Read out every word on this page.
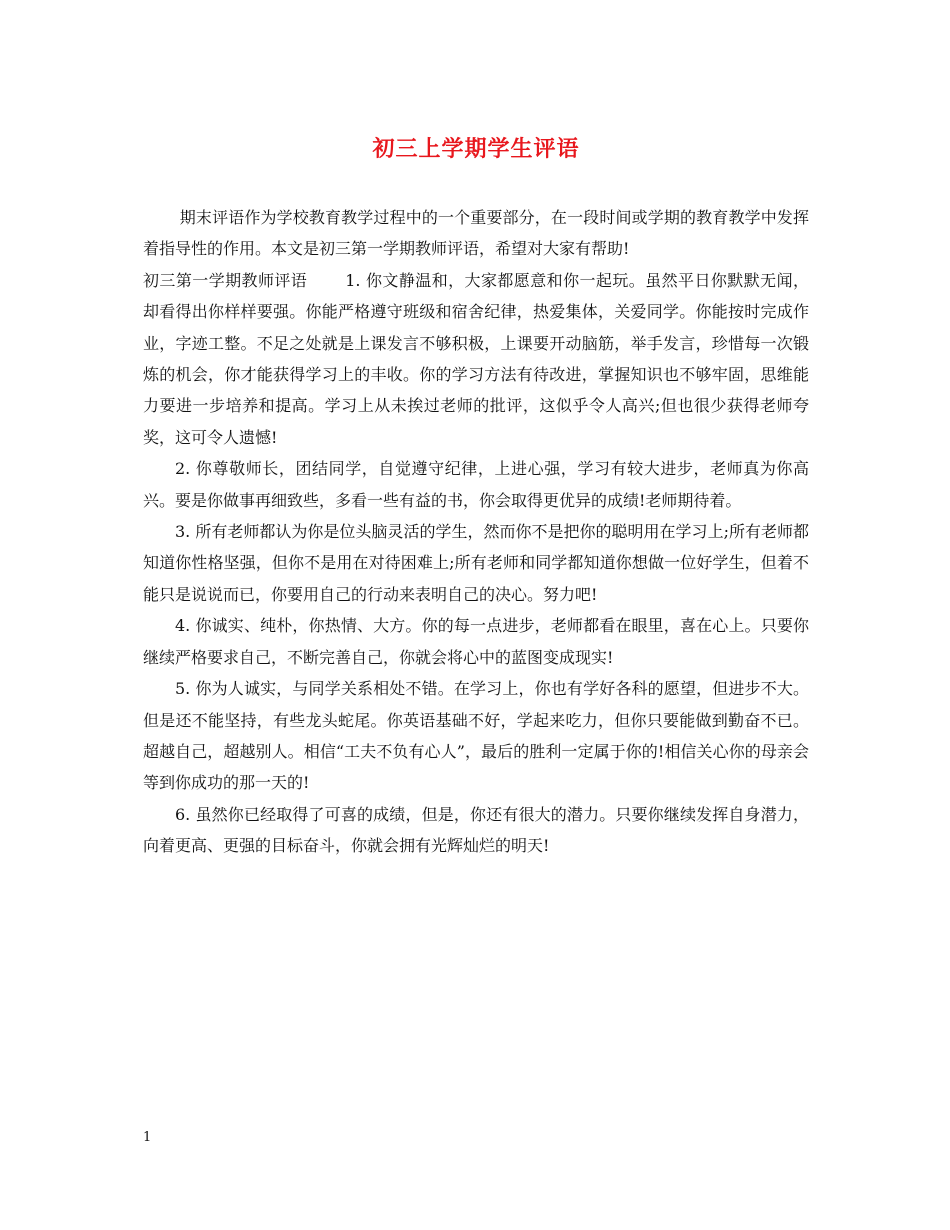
初三上学期学生评语

期末评语作为学校教育教学过程中的一个重要部分，在一段时间或学期的教育教学中发挥着指导性的作用。本文是初三第一学期教师评语，希望对大家有帮助!

初三第一学期教师评语 1. 你文静温和，大家都愿意和你一起玩。虽然平日你默默无闻，却看得出你样样要强。你能严格遵守班级和宿舍纪律，热爱集体，关爱同学。你能按时完成作业，字迹工整。不足之处就是上课发言不够积极，上课要开动脑筋，举手发言，珍惜每一次锻炼的机会，你才能获得学习上的丰收。你的学习方法有待改进，掌握知识也不够牢固，思维能力要进一步培养和提高。学习上从未挨过老师的批评，这似乎令人高兴;但也很少获得老师夸奖，这可令人遗憾!

2. 你尊敬师长，团结同学，自觉遵守纪律，上进心强，学习有较大进步，老师真为你高兴。要是你做事再细致些，多看一些有益的书，你会取得更优异的成绩!老师期待着。

3. 所有老师都认为你是位头脑灵活的学生，然而你不是把你的聪明用在学习上;所有老师都知道你性格坚强，但你不是用在对待困难上;所有老师和同学都知道你想做一位好学生，但着不能只是说说而已，你要用自己的行动来表明自己的决心。努力吧!

4. 你诚实、纯朴，你热情、大方。你的每一点进步，老师都看在眼里，喜在心上。只要你继续严格要求自己，不断完善自己，你就会将心中的蓝图变成现实!

5. 你为人诚实，与同学关系相处不错。在学习上，你也有学好各科的愿望，但进步不大。但是还不能坚持，有些龙头蛇尾。你英语基础不好，学起来吃力，但你只要能做到勤奋不已。超越自己，超越别人。相信“工夫不负有心人”，最后的胜利一定属于你的!相信关心你的母亲会等到你成功的那一天的!

6. 虽然你已经取得了可喜的成绩，但是，你还有很大的潜力。只要你继续发挥自身潜力，向着更高、更强的目标奋斗，你就会拥有光辉灿烂的明天!

1
